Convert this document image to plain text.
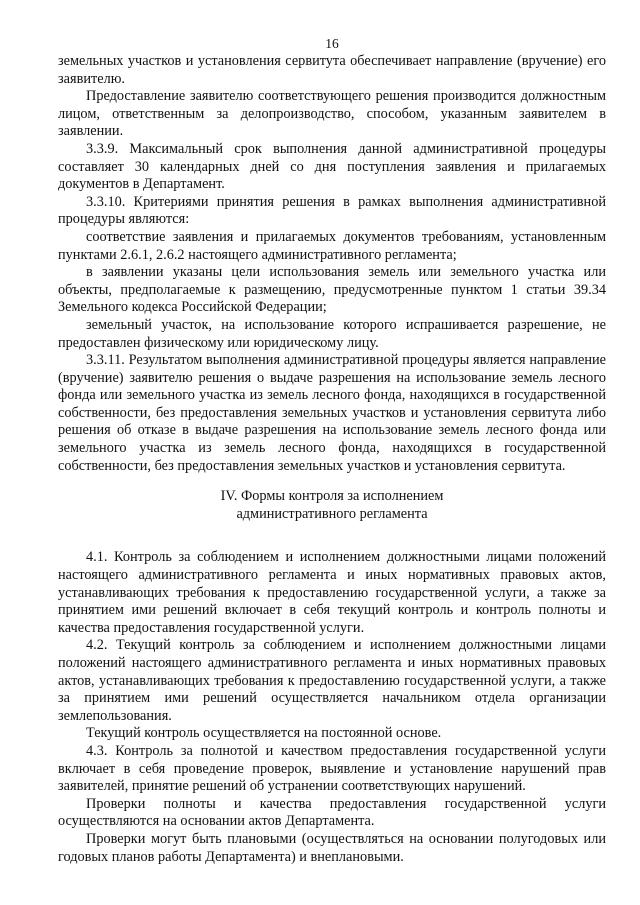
16

земельных участков и установления сервитута обеспечивает направление (вручение) его заявителю.

Предоставление заявителю соответствующего решения производится должностным лицом, ответственным за делопроизводство, способом, указанным заявителем в заявлении.

3.3.9. Максимальный срок выполнения данной административной процедуры составляет 30 календарных дней со дня поступления заявления и прилагаемых документов в Департамент.

3.3.10. Критериями принятия решения в рамках выполнения административной процедуры являются:

соответствие заявления и прилагаемых документов требованиям, установленным пунктами 2.6.1, 2.6.2 настоящего административного регламента;

в заявлении указаны цели использования земель или земельного участка или объекты, предполагаемые к размещению, предусмотренные пунктом 1 статьи 39.34 Земельного кодекса Российской Федерации;

земельный участок, на использование которого испрашивается разрешение, не предоставлен физическому или юридическому лицу.

3.3.11. Результатом выполнения административной процедуры является направление (вручение) заявителю решения о выдаче разрешения на использование земель лесного фонда или земельного участка из земель лесного фонда, находящихся в государственной собственности, без предоставления земельных участков и установления сервитута либо решения об отказе в выдаче разрешения на использование земель лесного фонда или земельного участка из земель лесного фонда, находящихся в государственной собственности, без предоставления земельных участков и установления сервитута.

IV. Формы контроля за исполнением
административного регламента

4.1. Контроль за соблюдением и исполнением должностными лицами положений настоящего административного регламента и иных нормативных правовых актов, устанавливающих требования к предоставлению государственной услуги, а также за принятием ими решений включает в себя текущий контроль и контроль полноты и качества предоставления государственной услуги.

4.2. Текущий контроль за соблюдением и исполнением должностными лицами положений настоящего административного регламента и иных нормативных правовых актов, устанавливающих требования к предоставлению государственной услуги, а также за принятием ими решений осуществляется начальником отдела организации землепользования.

Текущий контроль осуществляется на постоянной основе.

4.3. Контроль за полнотой и качеством предоставления государственной услуги включает в себя проведение проверок, выявление и установление нарушений прав заявителей, принятие решений об устранении соответствующих нарушений.

Проверки полноты и качества предоставления государственной услуги осуществляются на основании актов Департамента.

Проверки могут быть плановыми (осуществляться на основании полугодовых или годовых планов работы Департамента) и внеплановыми.
